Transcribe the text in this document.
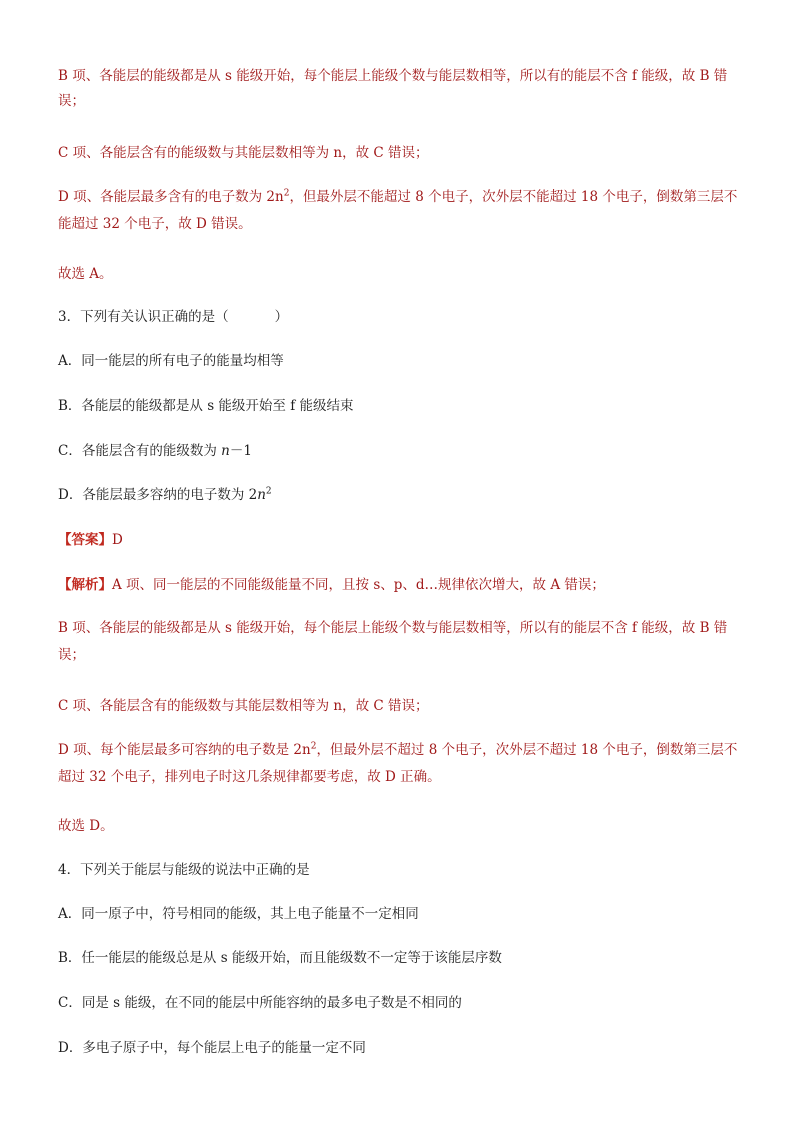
B 项、各能层的能级都是从 s 能级开始，每个能层上能级个数与能层数相等，所以有的能层不含 f 能级，故 B 错
误；
C 项、各能层含有的能级数与其能层数相等为 n，故 C 错误；
D 项、各能层最多含有的电子数为 $2n^2$，但最外层不能超过 8 个电子，次外层不能超过 18 个电子，倒数第三层不
能超过 32 个电子，故 D 错误。
故选 A。
3．下列有关认识正确的是（	）
A．同一能层的所有电子的能量均相等
B．各能层的能级都是从 s 能级开始至 f 能级结束
C．各能层含有的能级数为 n－1
D．各能层最多容纳的电子数为 $2n^2$
【答案】D
【解析】A 项、同一能层的不同能级能量不同，且按 s、p、d…规律依次增大，故 A 错误；
B 项、各能层的能级都是从 s 能级开始，每个能层上能级个数与能层数相等，所以有的能层不含 f 能级，故 B 错
误；
C 项、各能层含有的能级数与其能层数相等为 n，故 C 错误；
D 项、每个能层最多可容纳的电子数是 $2n^2$，但最外层不超过 8 个电子，次外层不超过 18 个电子，倒数第三层不
超过 32 个电子，排列电子时这几条规律都要考虑，故 D 正确。
故选 D。
4．下列关于能层与能级的说法中正确的是
A．同一原子中，符号相同的能级，其上电子能量不一定相同
B．任一能层的能级总是从 s 能级开始，而且能级数不一定等于该能层序数
C．同是 s 能级，在不同的能层中所能容纳的最多电子数是不相同的
D．多电子原子中，每个能层上电子的能量一定不同
